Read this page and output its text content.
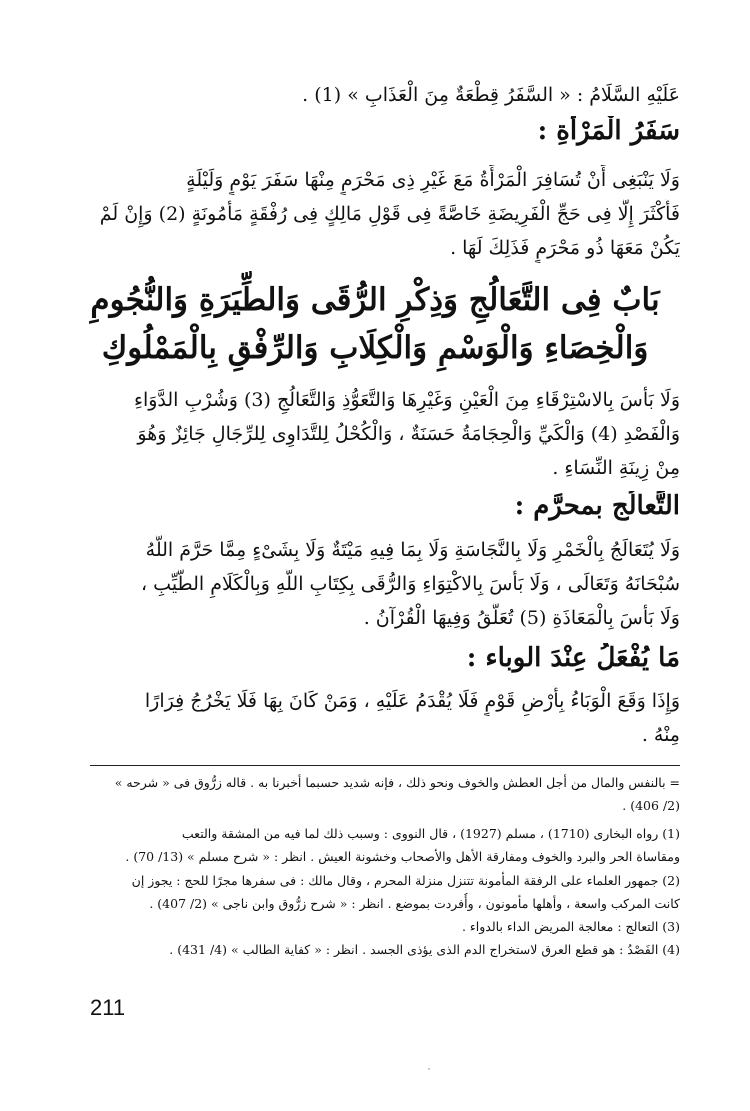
عَلَيْهِ السَّلَامُ : « السَّفَرُ قِطْعَةٌ مِنَ الْعَذَابِ » (1) .
سَفَرُ الْمَرْأَةِ :
وَلَا يَنْبَغِى أَنْ تُسَافِرَ الْمَرْأَةُ مَعَ غَيْرِ ذِى مَحْرَمٍ مِنْهَا سَفَرَ يَوْمٍ وَلَيْلَةٍ
فَأَكْثَرَ إِلَّا فِى حَجِّ الْفَرِيضَةِ خَاصَّةً فِى قَوْلِ مَالِكٍ فِى رُفْقَةٍ مَأْمُونَةٍ (2) وَإِنْ لَمْ
يَكُنْ مَعَهَا ذُو مَحْرَمٍ فَذَلِكَ لَهَا .
بَابٌ فِى التَّعَالُجِ وَذِكْرِ الرُّقَى وَالطِّيَرَةِ وَالنُّجُومِ
وَالْخِصَاءِ وَالْوَسْمِ وَالْكِلَابِ وَالرِّفْقِ بِالْمَمْلُوكِ
وَلَا بَأْسَ بِالاسْتِرْقَاءِ مِنَ الْعَيْنِ وَغَيْرِهَا وَالتَّعَوُّذِ وَالتَّعَالُجِ (3) وَشُرْبِ الدَّوَاءِ
وَالْفَصْدِ (4) وَالْكَيِّ وَالْحِجَامَةُ حَسَنَةٌ ، وَالْكُحْلُ لِلتَّدَاوِى لِلرِّجَالِ جَائِزٌ وَهُوَ
مِنْ زِينَةِ النِّسَاءِ .
التَّعالُج بمحرَّم :
وَلَا يُتَعَالَجُ بِالْخَمْرِ وَلَا بِالنَّجَاسَةِ وَلَا بِمَا فِيهِ مَيْتَةٌ وَلَا بِشَىْءٍ مِمَّا حَرَّمَ اللَّهُ
سُبْحَانَهُ وَتَعَالَى ، وَلَا بَأْسَ بِالاكْتِوَاءِ وَالرُّقَى بِكِتَابِ اللَّهِ وَبِالْكَلَامِ الطَّيِّبِ ،
وَلَا بَأْسَ بِالْمَعَاذَةِ (5) تُعَلَّقُ وَفِيهَا الْقُرْآنُ .
مَا يُفْعَلُ عِنْدَ الوباء :
وَإِذَا وَقَعَ الْوَبَاءُ بِأَرْضِ قَوْمٍ فَلَا يُقْدَمُ عَلَيْهِ ، وَمَنْ كَانَ بِهَا فَلَا يَخْرُجُ فِرَارًا
مِنْهُ .
= بالنفس والمال من أجل العطش والخوف ونحو ذلك ، فإنه شديد حسبما أخبرنا به . قاله زرُّوق فى « شرحه »
(2/ 406) .
(1) رواه البخارى (1710) ، مسلم (1927) ، قال النووى : وسبب ذلك لما فيه من المشقة والتعب
ومقاساة الحر والبرد والخوف ومفارقة الأهل والأصحاب وخشونة العيش . انظر : « شرح مسلم » (13/ 70) .
(2) جمهور العلماء على الرفقة المأمونة تتنزل منزلة المحرم ، وقال مالك : فى سفرها مجرًا للحج : يجوز إن
كانت المركب واسعة ، وأهلها مأمونون ، وأُفردت بموضع . انظر : « شرح زرُّوق وابن ناجى » (2/ 407) .
(3) التعالج : معالجة المريض الداء بالدواء .
(4) الفَصْدُ : هو قطع العرق لاستخراج الدم الذى يؤذى الجسد . انظر : « كفاية الطالب » (4/ 431) .
211
